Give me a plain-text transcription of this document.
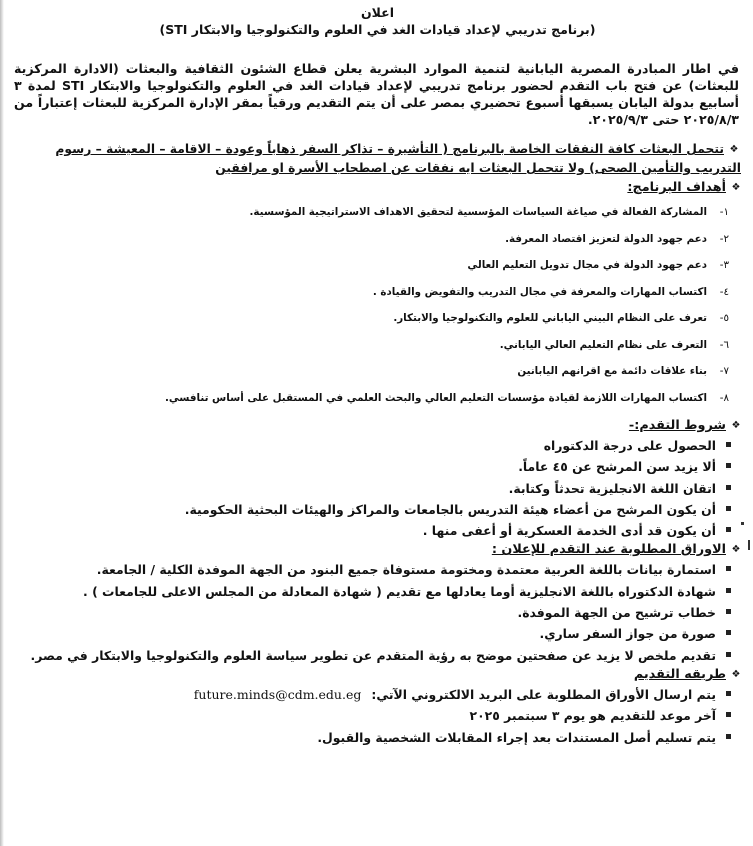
اعلان
(برنامج تدريبي لإعداد قيادات الغد في العلوم والتكنولوجيا والابتكار STI)
في اطار المبادرة المصرية اليابانية لتنمية الموارد البشرية يعلن قطاع الشئون الثقافية والبعثات (الادارة المركزية للبعثات) عن فتح باب التقدم لحضور برنامج تدريبي لإعداد قيادات الغد في العلوم والتكنولوجيا والابتكار STI لمدة ٣ أسابيع بدولة اليابان يسبقها أسبوع تحضيري بمصر على أن يتم التقديم ورقياً بمقر الإدارة المركزية للبعثات إعتباراً من ٢٠٢٥/٨/٣ حتى ٢٠٢٥/٩/٣.
❖تتحمل البعثات كافة النفقات الخاصة بالبرنامج ( التأشيرة – تذاكر السفر ذهاباً وعودة – الاقامة – المعيشة – رسوم التدريب والتأمين الصحى) ولا تتحمل البعثات ايه نفقات عن اصطحاب الأسرة او مرافقين
❖أهداف البرنامج:
١-المشاركة الفعالة في صياغة السياسات المؤسسية لتحقيق الاهداف الاستراتيجية المؤسسية.
٢-دعم جهود الدولة لتعزيز اقتصاد المعرفة.
٣-دعم جهود الدولة في مجال تدويل التعليم العالي
٤-اكتساب المهارات والمعرفة في مجال التدريب والتفويض والقيادة .
٥-تعرف على النظام البيني الياباني للعلوم والتكنولوجيا والابتكار.
٦-التعرف على نظام التعليم العالي الياباني.
٧-بناء علاقات دائمة مع اقرانهم اليابانين
٨-اكتساب المهارات اللازمة لقيادة مؤسسات التعليم العالي والبحث العلمي في المستقبل على أساس تنافسي.
❖شروط التقدم:-
الحصول على درجة الدكتوراه
ألا يزيد سن المرشح عن ٤٥ عاماً.
اتقان اللغة الانجليزية تحدثاً وكتابة.
أن يكون المرشح من أعضاء هيئة التدريس بالجامعات والمراكز والهيئات البحثية الحكومية.
أن يكون قد أدى الخدمة العسكرية أو أعفى منها .
❖الاوراق المطلوبة عند التقدم للإعلان :
استمارة بيانات باللغة العربية معتمدة ومختومة مستوفاة جميع البنود من الجهة الموفدة الكلية / الجامعة.
شهادة الدكتوراه باللغة الانجليزية أوما يعادلها مع تقديم ( شهادة المعادلة من المجلس الاعلى للجامعات ) .
خطاب ترشيح من الجهة الموفدة.
صورة من جواز السفر ساري.
تقديم ملخص لا يزيد عن صفحتين موضح به رؤية المتقدم عن تطوير سياسة العلوم والتكنولوجيا والابتكار في مصر.
❖طريقه التقديم
يتم ارسال الأوراق المطلوبة على البريد الالكتروني الآتي:future.minds@cdm.edu.eg
آخر موعد للتقديم هو يوم ٣ سبتمبر ٢٠٢٥
يتم تسليم أصل المستندات بعد إجراء المقابلات الشخصية والقبول.
